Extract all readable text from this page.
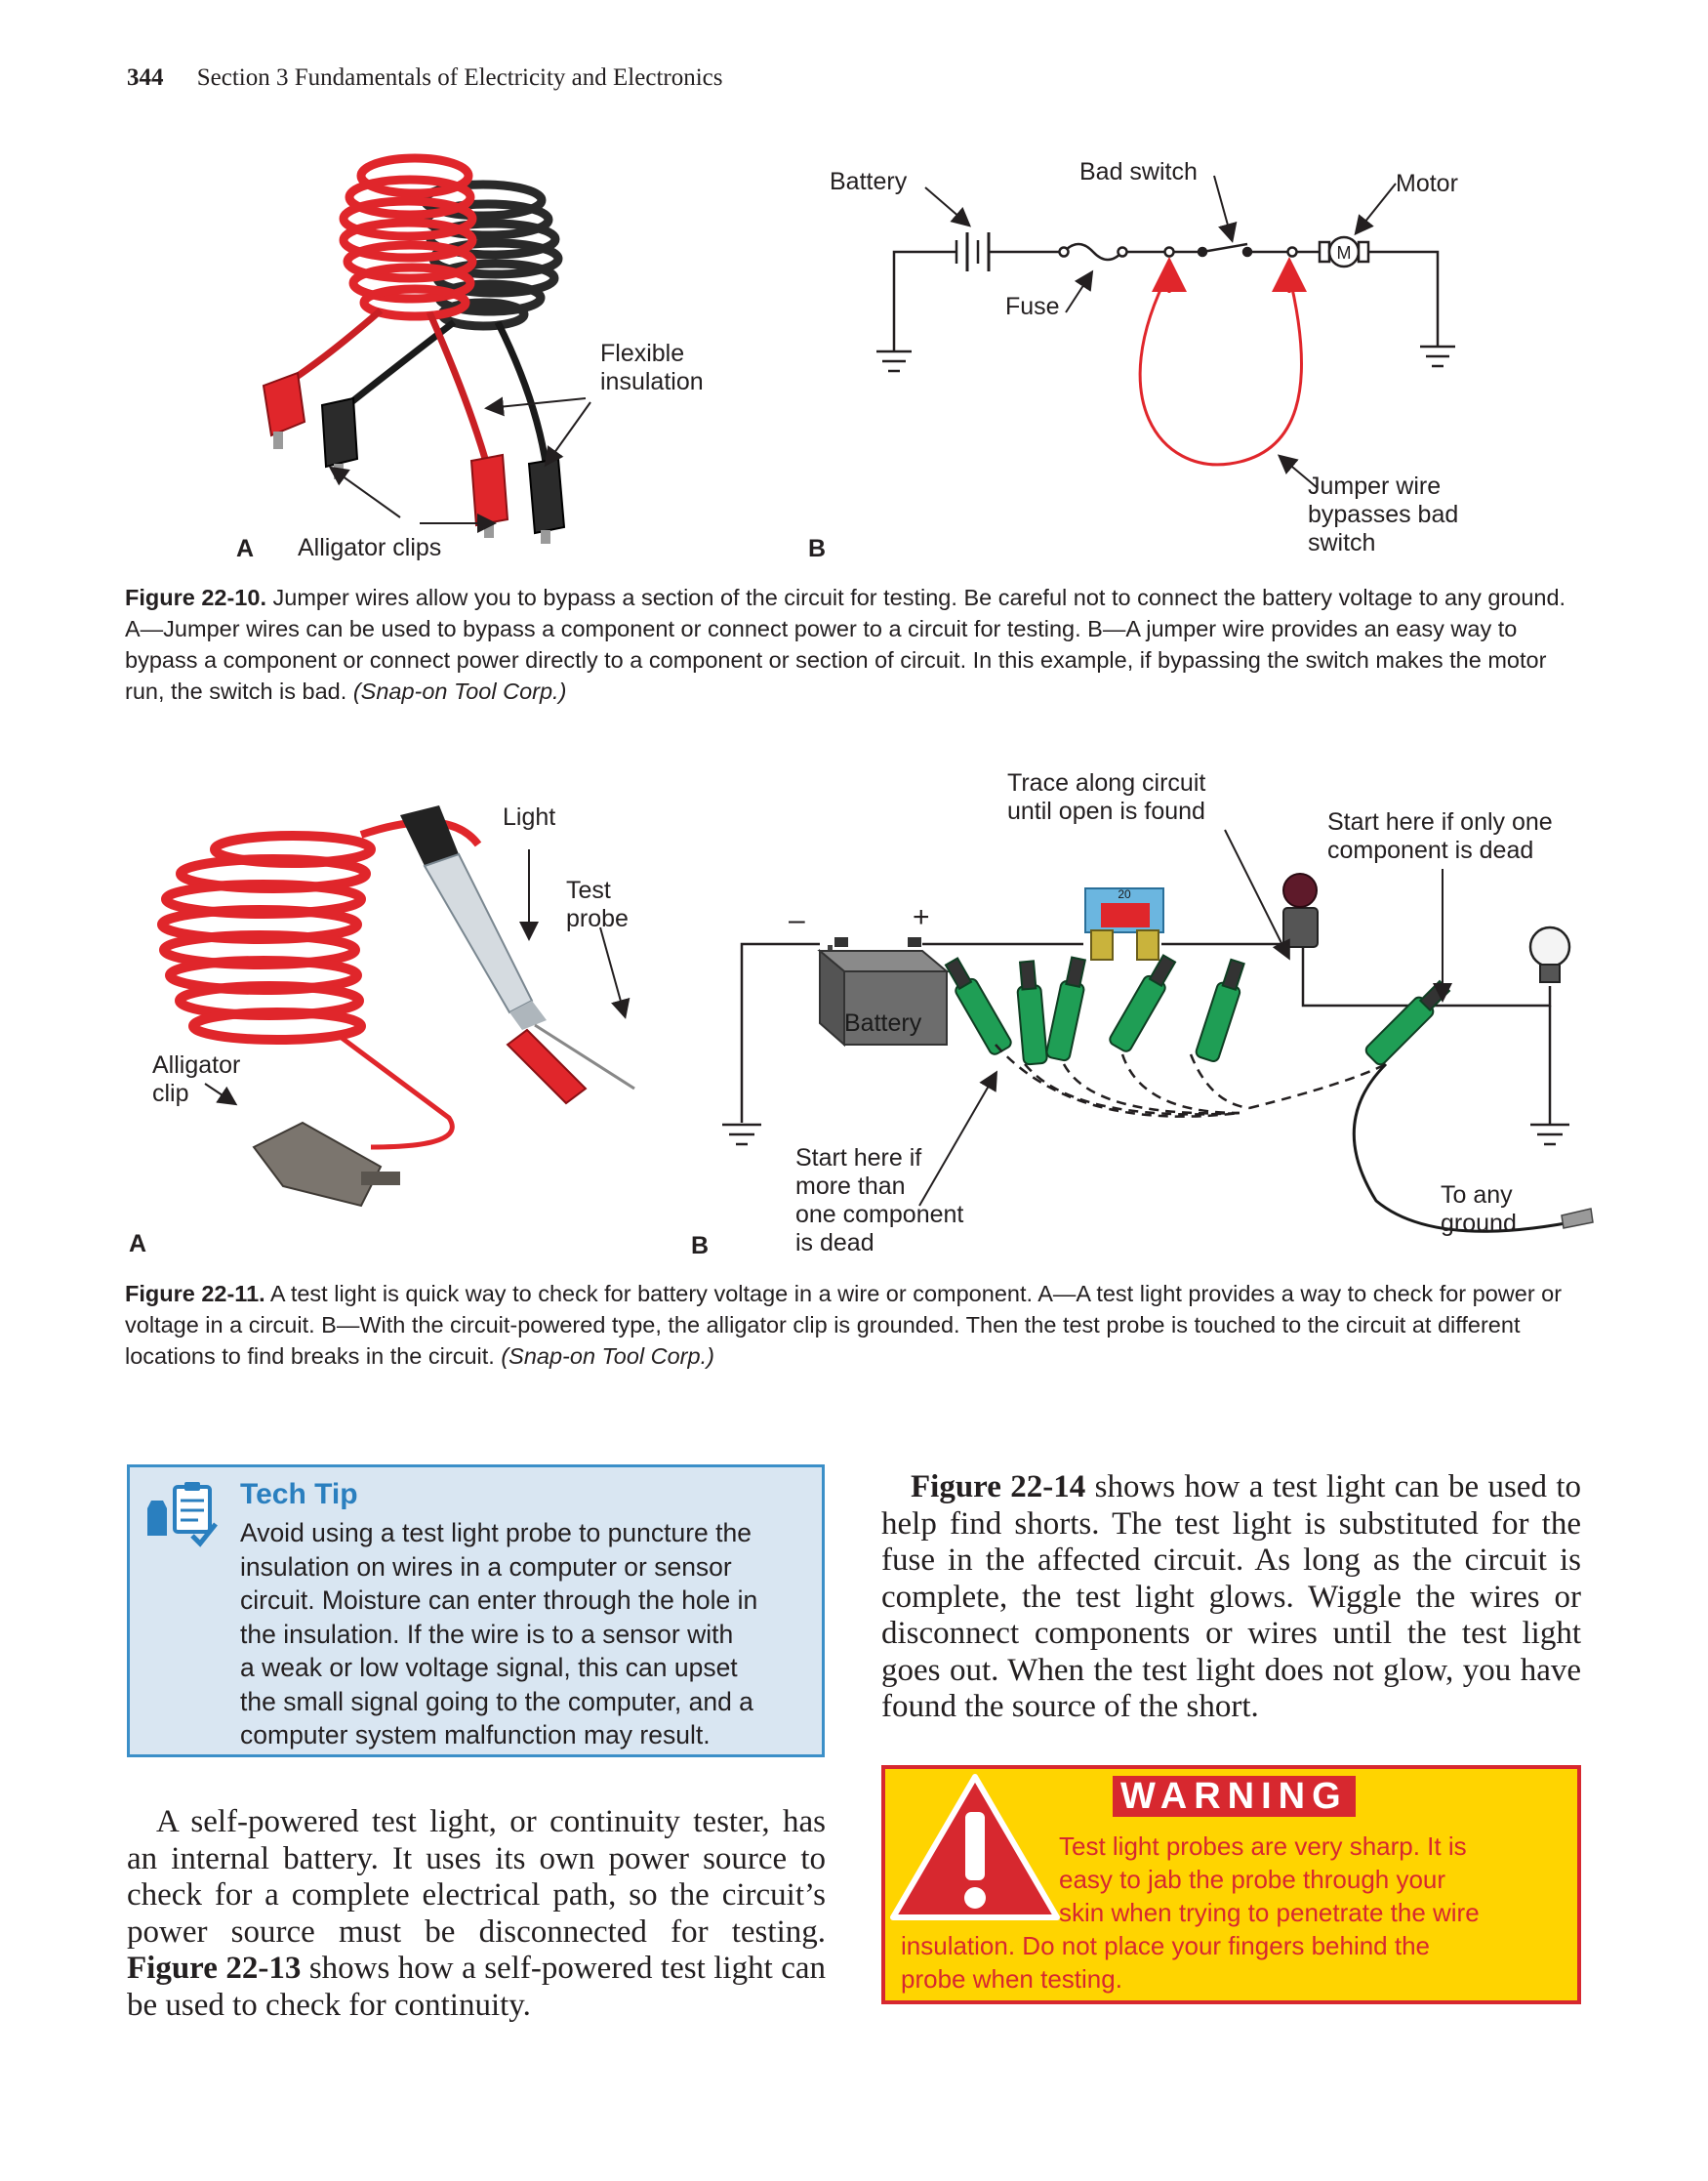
344 Section 3 Fundamentals of Electricity and Electronics
Flexible
insulation
A Alligator clips
M
Battery	Bad switch	Motor
Fuse
Jumper wire
bypasses bad
switch
B
Figure 22-10. Jumper wires allow you to bypass a section of the circuit for testing. Be careful not to connect the battery voltage to any ground. A—Jumper wires can be used to bypass a component or connect power to a circuit for testing. B—A jumper wire provides an easy way to bypass a component or connect power directly to a component or section of circuit. In this example, if bypassing the switch makes the motor run, the switch is bad. (Snap-on Tool Corp.)
Light
Test
probe
Alligator
clip
A
20
Trace along circuit
until open is found	Start here if only one
component is dead
–	+
Battery
Start here if
more than
one component
is dead
To any
ground
B
Figure 22-11. A test light is quick way to check for battery voltage in a wire or component. A—A test light provides a way to check for power or voltage in a circuit. B—With the circuit-powered type, the alligator clip is grounded. Then the test probe is touched to the circuit at different locations to find breaks in the circuit. (Snap-on Tool Corp.)
Tech Tip
Avoid using a test light probe to puncture the
insulation on wires in a computer or sensor
circuit. Moisture can enter through the hole in
the insulation. If the wire is to a sensor with
a weak or low voltage signal, this can upset
the small signal going to the computer, and a
computer system malfunction may result.
A self-powered test light, or continuity tester, has an internal battery. It uses its own power source to check for a complete electrical path, so the circuit’s power source must be disconnected for testing. Figure 22-13 shows how a self-powered test light can be used to check for continuity.
Figure 22-14 shows how a test light can be used to help find shorts. The test light is substituted for the fuse in the affected circuit. As long as the circuit is complete, the test light glows. Wiggle the wires or disconnect components or wires until the test light goes out. When the test light does not glow, you have found the source of the short.
WARNING
Test light probes are very sharp. It is
easy to jab the probe through your
skin when trying to penetrate the wire
insulation. Do not place your fingers behind the
probe when testing.
